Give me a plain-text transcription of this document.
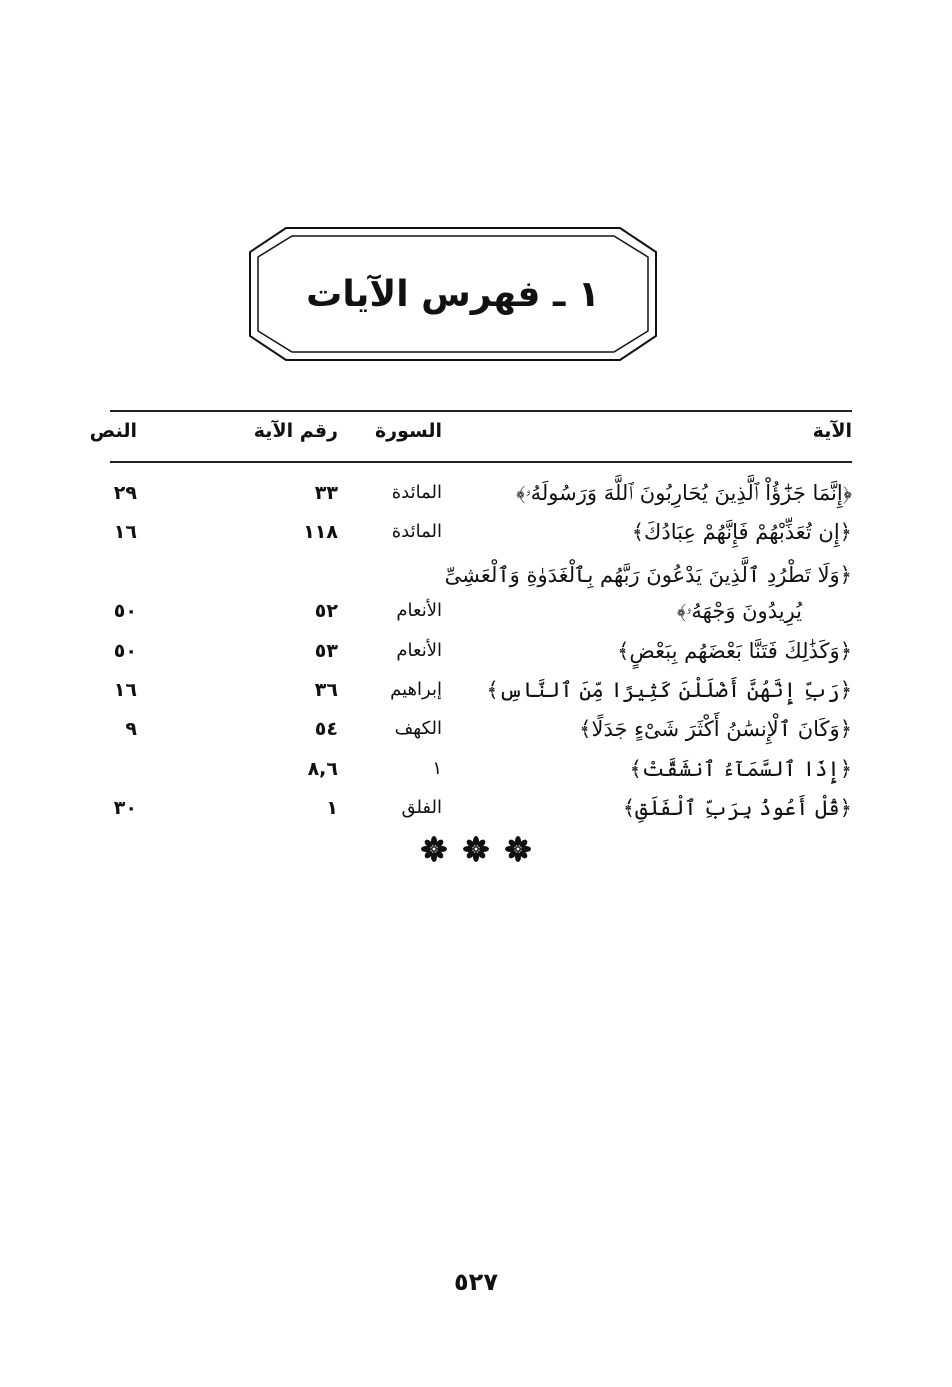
١ ـ فهرس الآيات
الآية
السورة
رقم الآية
النص
﴿إِنَّمَا جَزَٰٓؤُاْ ٱلَّذِينَ يُحَارِبُونَ ٱللَّهَ وَرَسُولَهُۥ﴾
المائدة
٣٣
٢٩
﴿إِن تُعَذِّبْهُمْ فَإِنَّهُمْ عِبَادُكَ﴾
المائدة
١١٨
١٦
﴿وَلَا تَطْرُدِ ٱلَّذِينَ يَدْعُونَ رَبَّهُم بِٱلْغَدَوٰةِ وَٱلْعَشِىِّ
يُرِيدُونَ وَجْهَهُۥ﴾
الأنعام
٥٢
٥٠
﴿وَكَذَٰلِكَ فَتَنَّا بَعْضَهُم بِبَعْضٍ﴾
الأنعام
٥٣
٥٠
﴿رَبِّ إِنَّهُنَّ أَضْلَلْنَ كَثِيرًا مِّنَ ٱلنَّاسِ﴾
إبراهيم
٣٦
١٦
﴿وَكَانَ ٱلْإِنسَٰنُ أَكْثَرَ شَىْءٍ جَدَلًا﴾
الكهف
٥٤
٩
﴿إِذَا ٱلسَّمَآءُ ٱنشَقَّتْ﴾
١
٨,٦
﴿قُلْ أَعُوذُ بِرَبِّ ٱلْفَلَقِ﴾
الفلق
١
٣٠
٥٢٧
